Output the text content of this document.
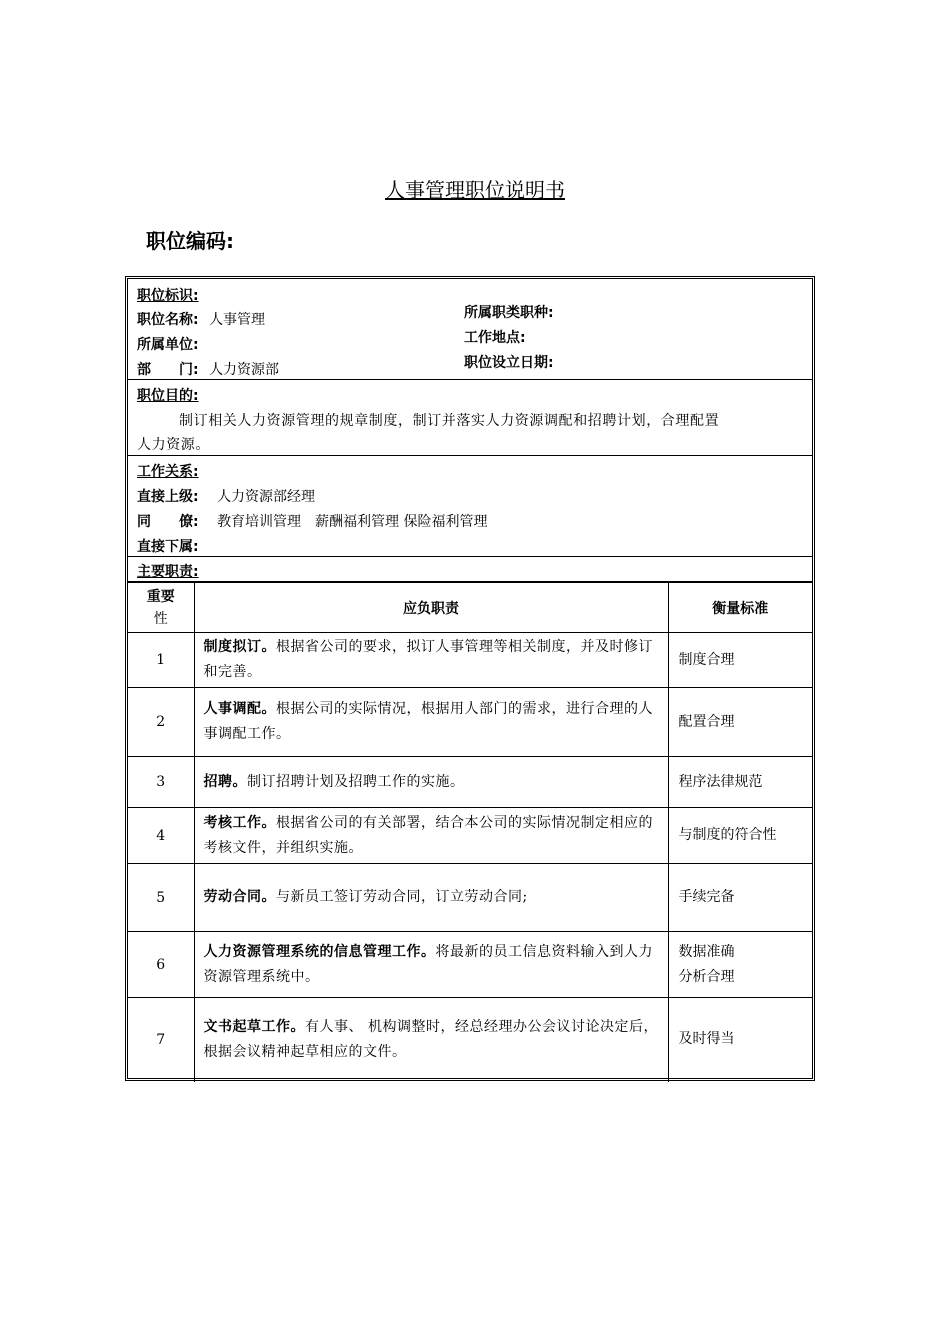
人事管理职位说明书
职位编码:
职位标识:
职位名称: 人事管理
所属单位:
部　　门: 人力资源部
所属职类职种:
工作地点:
职位设立日期:
职位目的:
制订相关人力资源管理的规章制度，制订并落实人力资源调配和招聘计划，合理配置
人力资源。
工作关系:
直接上级: 人力资源部经理
同　　僚: 教育培训管理　薪酬福利管理 保险福利管理
直接下属:
主要职责:
重要
性	应负职责	衡量标准
1	制度拟订。根据省公司的要求，拟订人事管理等相关制度，并及时修订和完善。	制度合理
2	人事调配。根据公司的实际情况，根据用人部门的需求，进行合理的人事调配工作。	配置合理
3	招聘。制订招聘计划及招聘工作的实施。	程序法律规范
4	考核工作。根据省公司的有关部署，结合本公司的实际情况制定相应的考核文件，并组织实施。	与制度的符合性
5	劳动合同。与新员工签订劳动合同，订立劳动合同;	手续完备
6	人力资源管理系统的信息管理工作。将最新的员工信息资料输入到人力资源管理系统中。	数据准确
分析合理
7	文书起草工作。有人事、 机构调整时，经总经理办公会议讨论决定后，根据会议精神起草相应的文件。	及时得当
